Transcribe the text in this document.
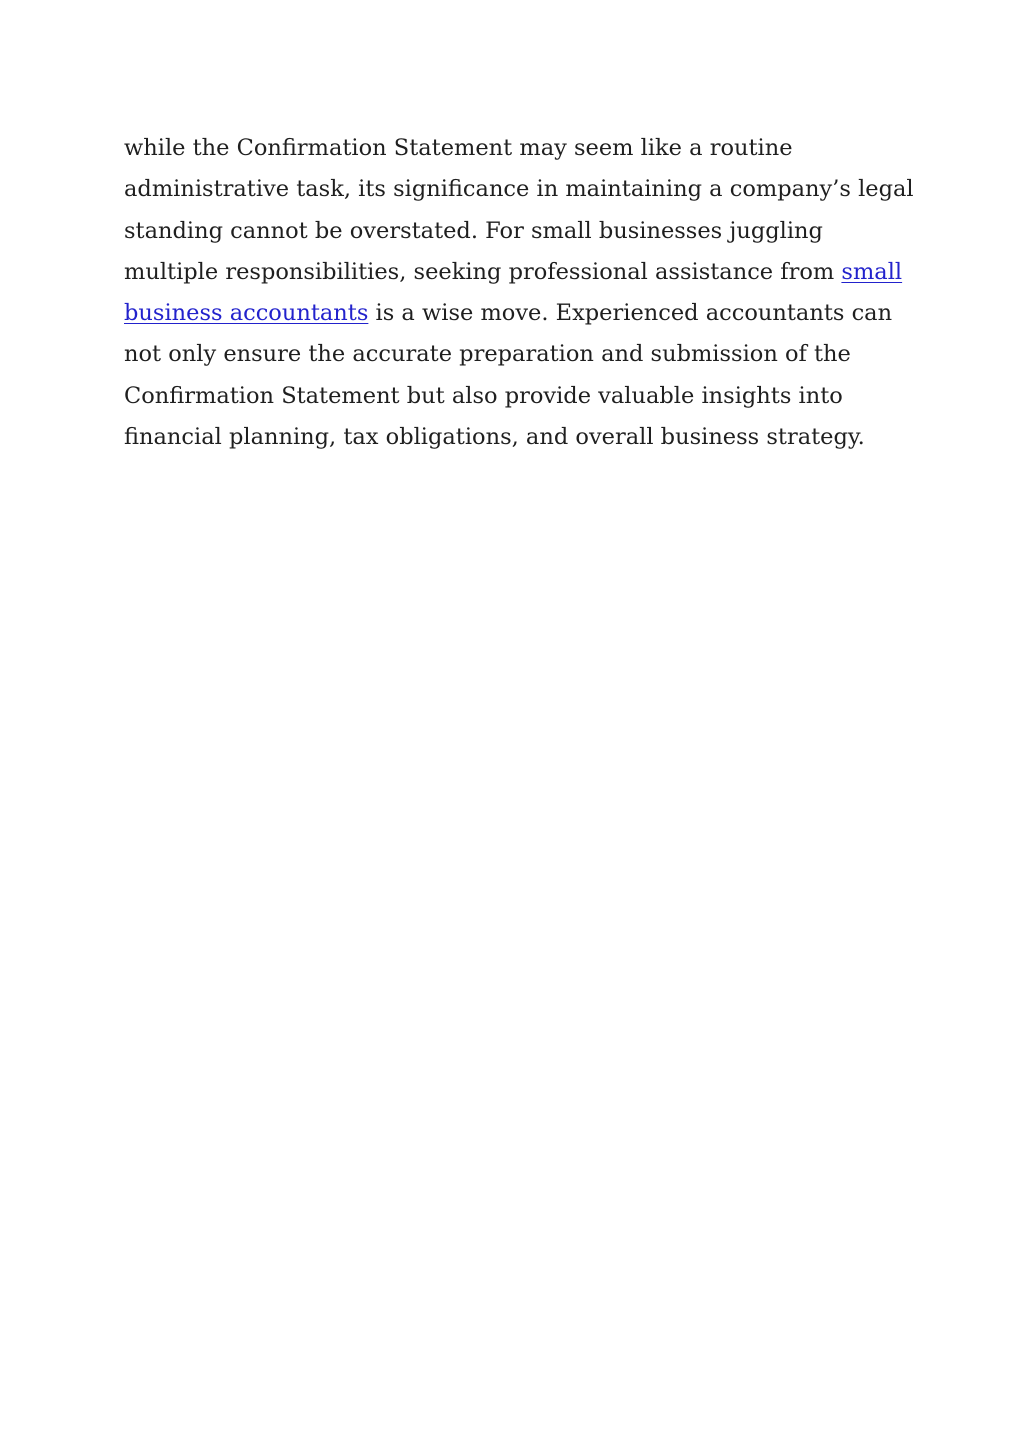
while the Confirmation Statement may seem like a routine
administrative task, its significance in maintaining a company’s legal
standing cannot be overstated. For small businesses juggling
multiple responsibilities, seeking professional assistance from small
business accountants is a wise move. Experienced accountants can
not only ensure the accurate preparation and submission of the
Confirmation Statement but also provide valuable insights into
financial planning, tax obligations, and overall business strategy.
